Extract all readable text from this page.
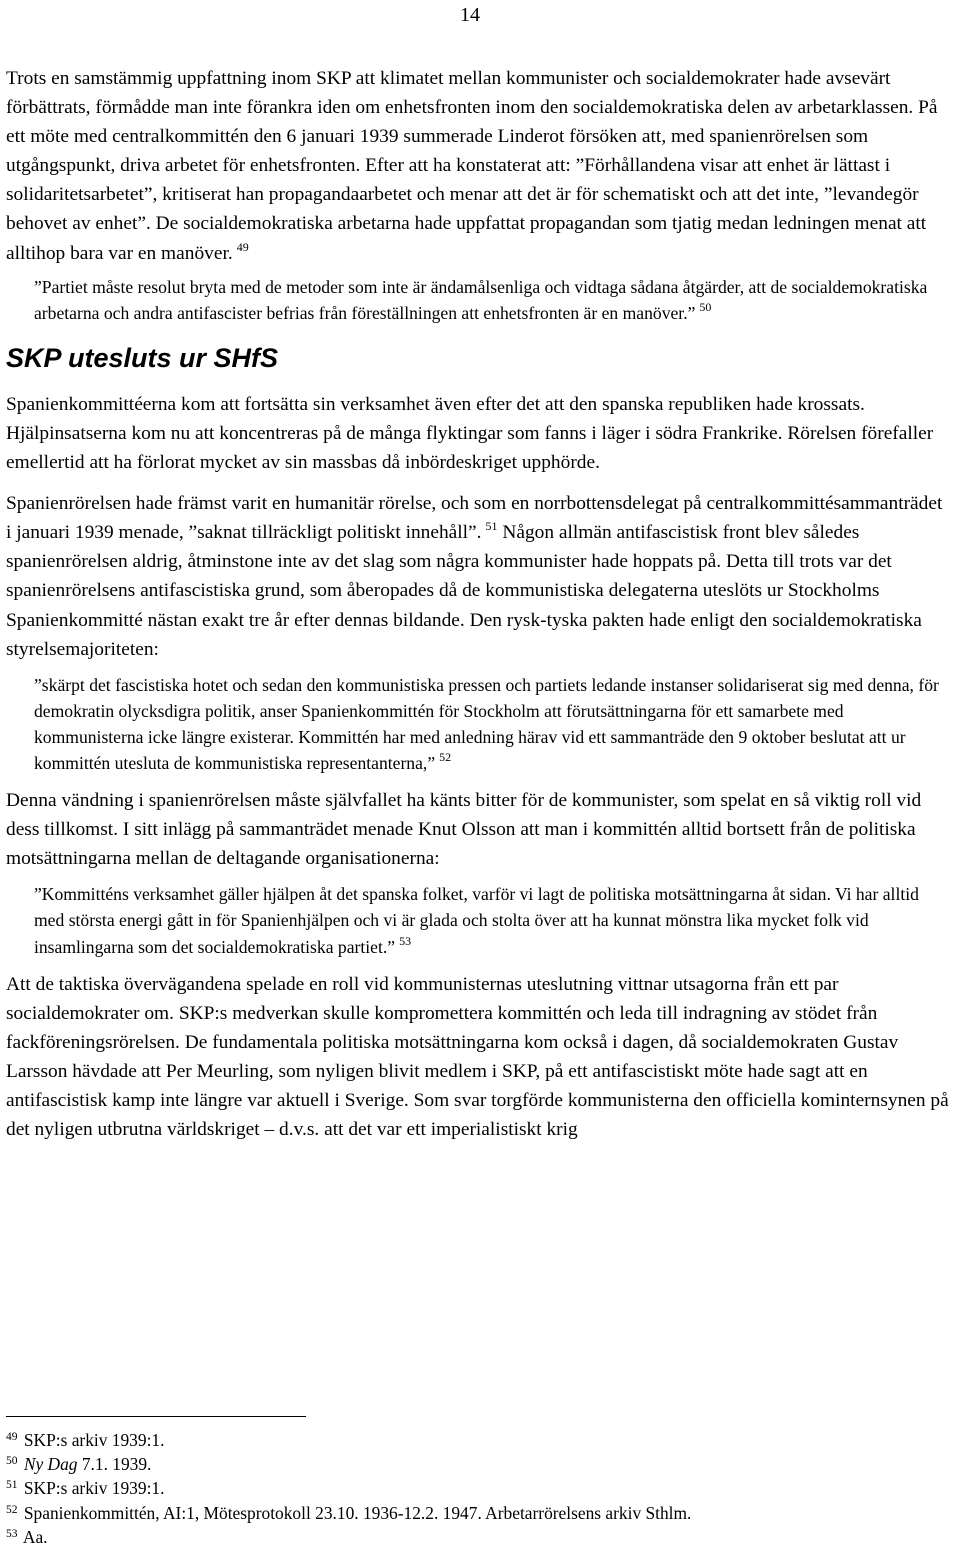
14

Trots en samstämmig uppfattning inom SKP att klimatet mellan kommunister och socialdemokrater hade avsevärt förbättrats, förmådde man inte förankra iden om enhetsfronten inom den socialdemokratiska delen av arbetarklassen. På ett möte med centralkommittén den 6 januari 1939 summerade Linderot försöken att, med spanienrörelsen som utgångspunkt, driva arbetet för enhetsfronten. Efter att ha konstaterat att: ”Förhållandena visar att enhet är lättast i solidaritetsarbetet”, kritiserat han propagandaarbetet och menar att det är för schematiskt och att det inte, ”levandegör behovet av enhet”. De socialdemokratiska arbetarna hade uppfattat propagandan som tjatig medan ledningen menat att alltihop bara var en manöver. $^{49}$

”Partiet måste resolut bryta med de metoder som inte är ändamålsenliga och vidtaga sådana åtgärder, att de socialdemokratiska arbetarna och andra antifascister befrias från föreställningen att enhetsfronten är en manöver.” $^{50}$

SKP utesluts ur SHfS

Spanienkommittéerna kom att fortsätta sin verksamhet även efter det att den spanska republiken hade krossats. Hjälpinsatserna kom nu att koncentreras på de många flyktingar som fanns i läger i södra Frankrike. Rörelsen förefaller emellertid att ha förlorat mycket av sin massbas då inbördeskriget upphörde.

Spanienrörelsen hade främst varit en humanitär rörelse, och som en norrbottensdelegat på centralkommittésammanträdet i januari 1939 menade, ”saknat tillräckligt politiskt innehåll”. $^{51}$ Någon allmän antifascistisk front blev således spanienrörelsen aldrig, åtminstone inte av det slag som några kommunister hade hoppats på. Detta till trots var det spanienrörelsens antifascistiska grund, som åberopades då de kommunistiska delegaterna uteslöts ur Stockholms Spanienkommitté nästan exakt tre år efter dennas bildande. Den rysk-tyska pakten hade enligt den socialdemokratiska styrelsemajoriteten:

”skärpt det fascistiska hotet och sedan den kommunistiska pressen och partiets ledande instanser solidariserat sig med denna, för demokratin olycksdigra politik, anser Spanienkommittén för Stockholm att förutsättningarna för ett samarbete med kommunisterna icke längre existerar. Kommittén har med anledning härav vid ett sammanträde den 9 oktober beslutat att ur kommittén utesluta de kommunistiska representanterna,” $^{52}$

Denna vändning i spanienrörelsen måste självfallet ha känts bitter för de kommunister, som spelat en så viktig roll vid dess tillkomst. I sitt inlägg på sammanträdet menade Knut Olsson att man i kommittén alltid bortsett från de politiska motsättningarna mellan de deltagande organisationerna:

”Kommitténs verksamhet gäller hjälpen åt det spanska folket, varför vi lagt de politiska motsättningarna åt sidan. Vi har alltid med största energi gått in för Spanienhjälpen och vi är glada och stolta över att ha kunnat mönstra lika mycket folk vid insamlingarna som det socialdemokratiska partiet.” $^{53}$

Att de taktiska övervägandena spelade en roll vid kommunisternas uteslutning vittnar utsagorna från ett par socialdemokrater om. SKP:s medverkan skulle kompromettera kommittén och leda till indragning av stödet från fackföreningsrörelsen. De fundamentala politiska motsättningarna kom också i dagen, då socialdemokraten Gustav Larsson hävdade att Per Meurling, som nyligen blivit medlem i SKP, på ett antifascistiskt möte hade sagt att en antifascistisk kamp inte längre var aktuell i Sverige. Som svar torgförde kommunisterna den officiella kominternsynen på det nyligen utbrutna världskriget – d.v.s. att det var ett imperialistiskt krig

$^{49}$ SKP:s arkiv 1939:1.
$^{50}$ Ny Dag 7.1. 1939.
$^{51}$ SKP:s arkiv 1939:1.
$^{52}$ Spanienkommittén, AI:1, Mötesprotokoll 23.10. 1936-12.2. 1947. Arbetarrörelsens arkiv Sthlm.
$^{53}$ Aa.
